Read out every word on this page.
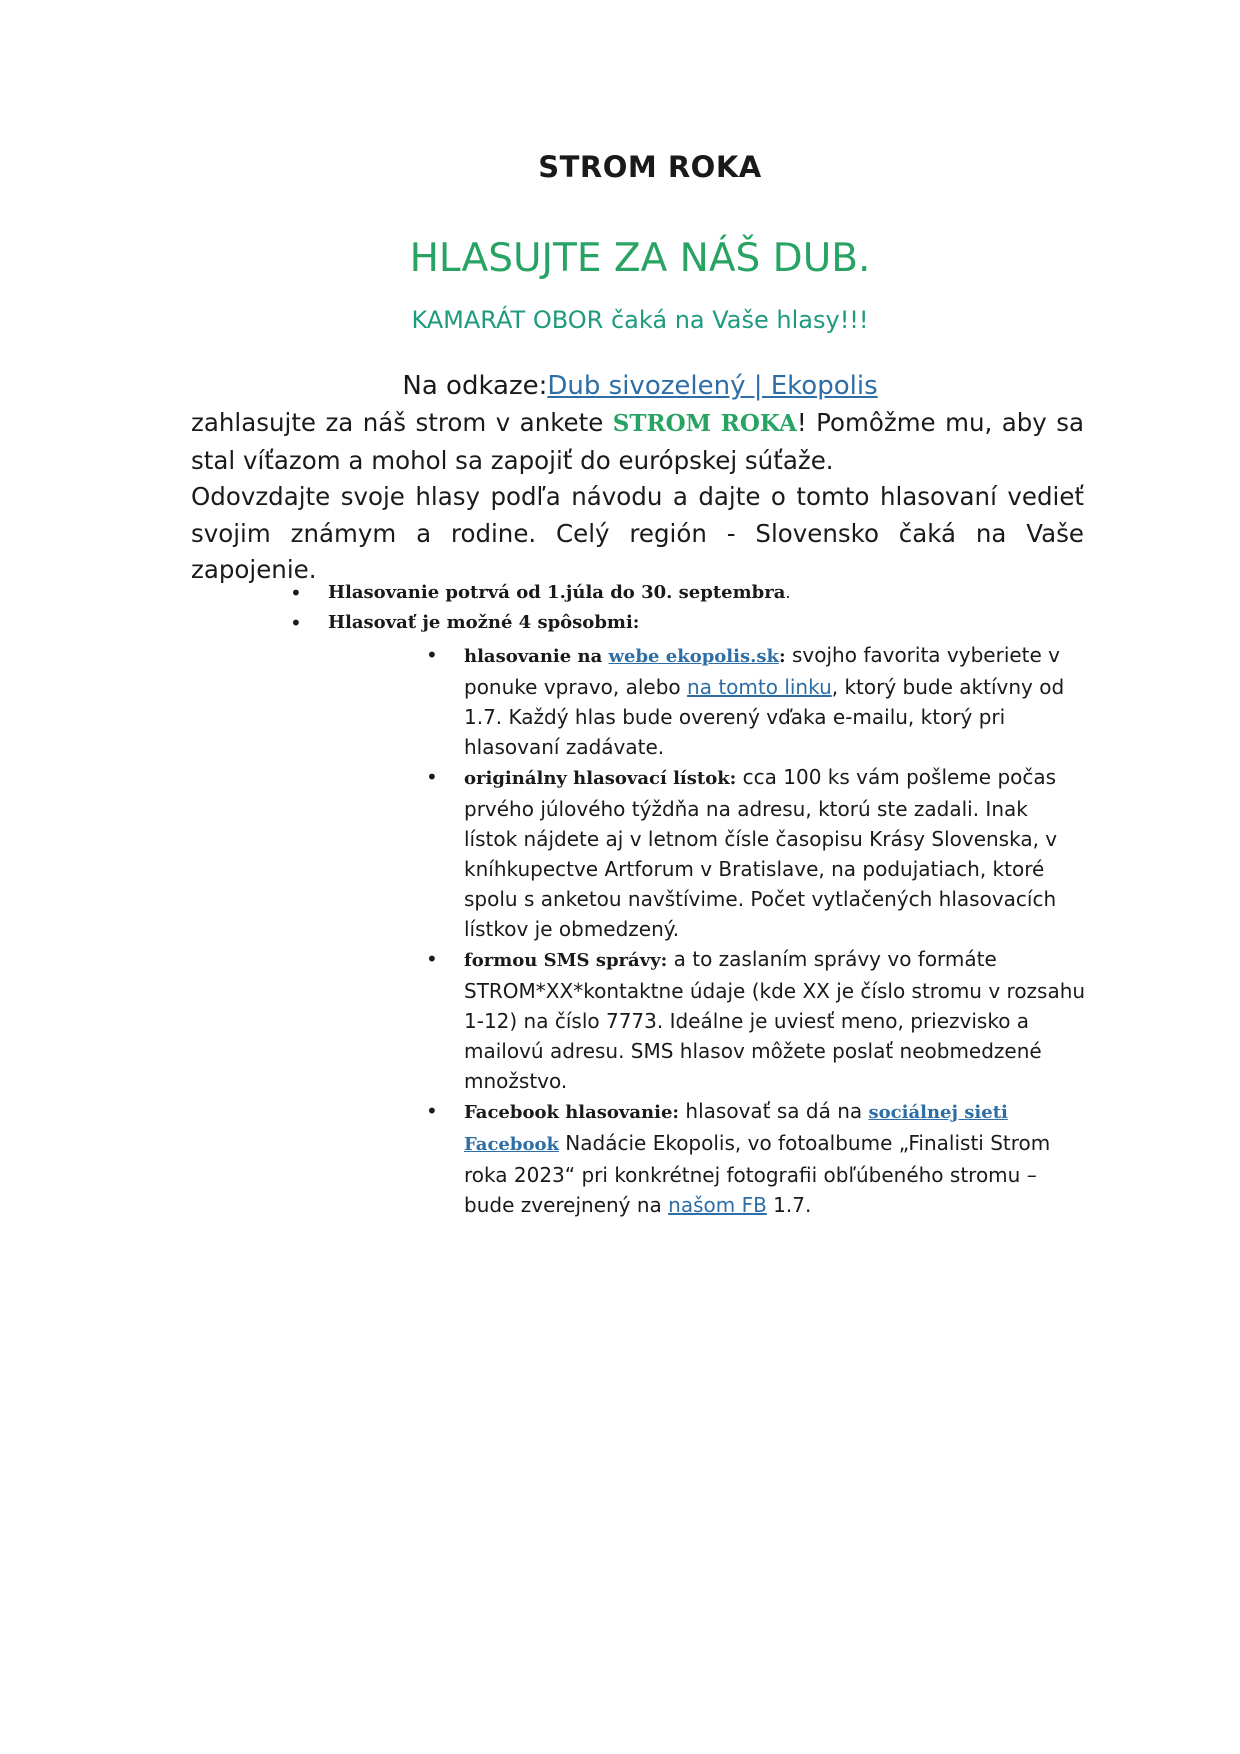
STROM ROKA
HLASUJTE ZA NÁŠ DUB.
KAMARÁT OBOR čaká na Vaše hlasy!!!
Na odkaze:Dub sivozelený | Ekopolis
zahlasujte za náš strom v ankete STROM ROKA! Pomôžme mu, aby sa stal víťazom a mohol sa zapojiť do európskej súťaže.
Odovzdajte svoje hlasy podľa návodu a dajte o tomto hlasovaní vedieť svojim známym a rodine. Celý región - Slovensko čaká na Vaše zapojenie.
• Hlasovanie potrvá od 1.júla do 30. septembra.
• Hlasovať je možné 4 spôsobmi:
• hlasovanie na webe ekopolis.sk: svojho favorita vyberiete v ponuke vpravo, alebo na tomto linku, ktorý bude aktívny od 1.7. Každý hlas bude overený vďaka e-mailu, ktorý pri hlasovaní zadávate.
• originálny hlasovací lístok: cca 100 ks vám pošleme počas prvého júlového týždňa na adresu, ktorú ste zadali. Inak lístok nájdete aj v letnom čísle časopisu Krásy Slovenska, v kníhkupectve Artforum v Bratislave, na podujatiach, ktoré spolu s anketou navštívime. Počet vytlačených hlasovacích lístkov je obmedzený.
• formou SMS správy: a to zaslaním správy vo formáte STROM*XX*kontaktne údaje (kde XX je číslo stromu v rozsahu 1-12) na číslo 7773. Ideálne je uviesť meno, priezvisko a mailovú adresu. SMS hlasov môžete poslať neobmedzené množstvo.
• Facebook hlasovanie: hlasovať sa dá na sociálnej sieti Facebook Nadácie Ekopolis, vo fotoalbume „Finalisti Strom roka 2023“ pri konkrétnej fotografii obľúbeného stromu – bude zverejnený na našom FB 1.7.
